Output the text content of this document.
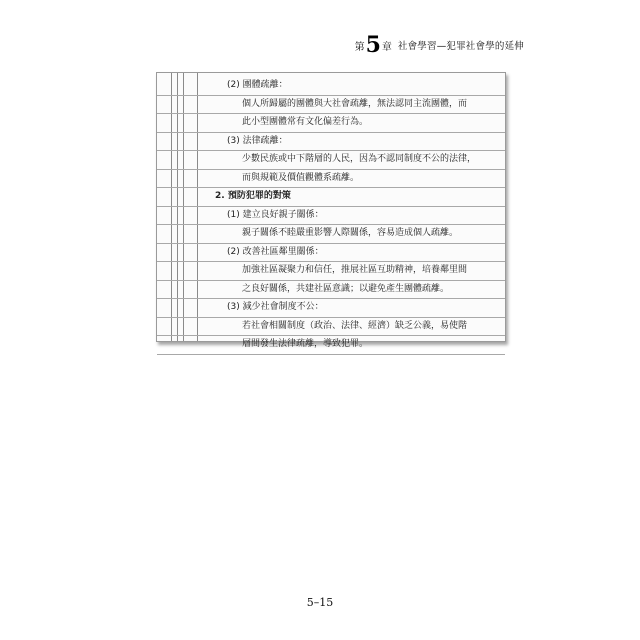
第 5 章 社會學習—犯罪社會學的延伸
(2) 團體疏離：
個人所歸屬的團體與大社會疏離，無法認同主流團體，而
此小型團體常有文化偏差行為。
(3) 法律疏離：
少數民族或中下階層的人民，因為不認同制度不公的法律，
而與規範及價值觀體系疏離。
2. 預防犯罪的對策
(1) 建立良好親子關係：
親子關係不睦嚴重影響人際關係，容易造成個人疏離。
(2) 改善社區鄰里關係：
加強社區凝聚力和信任，推展社區互助精神，培養鄰里間
之良好關係，共建社區意識；以避免產生團體疏離。
(3) 減少社會制度不公：
若社會相關制度（政治、法律、經濟）缺乏公義，易使階
層間發生法律疏離，導致犯罪。
5–15
